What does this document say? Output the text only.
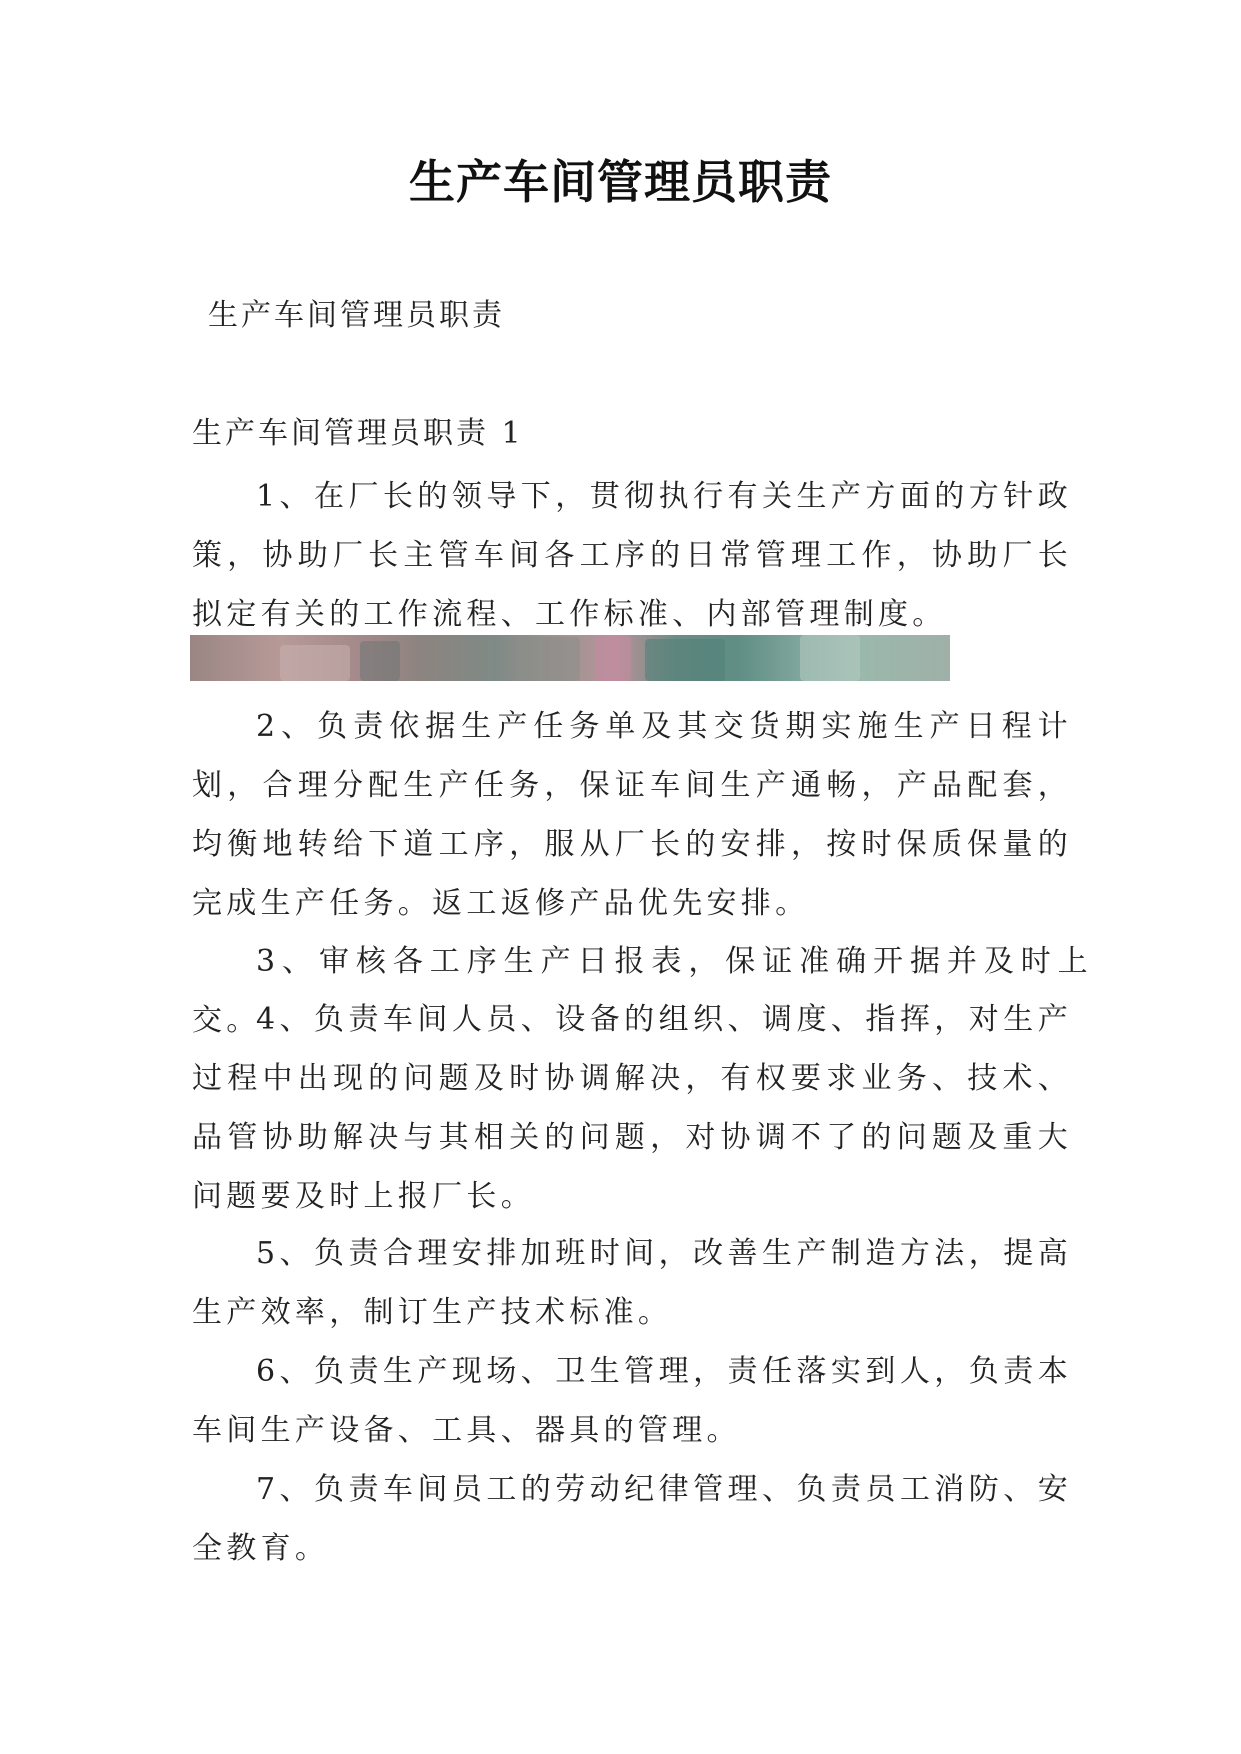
生产车间管理员职责

生产车间管理员职责

生产车间管理员职责 1

1、在厂长的领导下，贯彻执行有关生产方面的方针政策，协助厂长主管车间各工序的日常管理工作，协助厂长拟定有关的工作流程、工作标准、内部管理制度。

2、负责依据生产任务单及其交货期实施生产日程计划，合理分配生产任务，保证车间生产通畅，产品配套，均衡地转给下道工序，服从厂长的安排，按时保质保量的完成生产任务。返工返修产品优先安排。

3、审核各工序生产日报表，保证准确开据并及时上交。

4、负责车间人员、设备的组织、调度、指挥，对生产过程中出现的问题及时协调解决，有权要求业务、技术、品管协助解决与其相关的问题，对协调不了的问题及重大问题要及时上报厂长。

5、负责合理安排加班时间，改善生产制造方法，提高生产效率，制订生产技术标准。

6、负责生产现场、卫生管理，责任落实到人，负责本车间生产设备、工具、器具的管理。

7、负责车间员工的劳动纪律管理、负责员工消防、安全教育。
